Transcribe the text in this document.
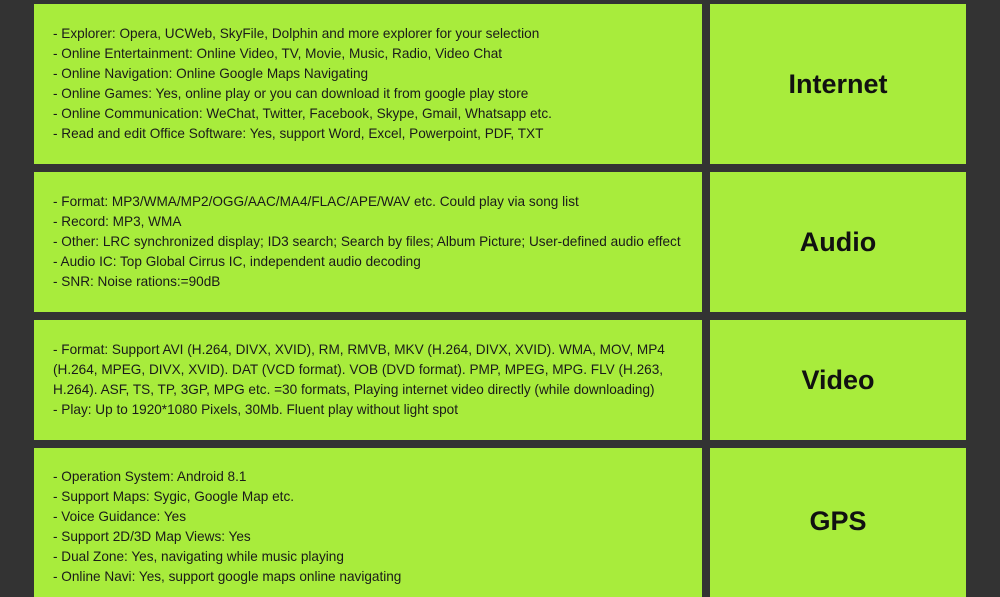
- Explorer: Opera, UCWeb, SkyFile, Dolphin and more explorer for your selection
- Online Entertainment: Online Video, TV, Movie, Music, Radio, Video Chat
- Online Navigation: Online Google Maps Navigating
- Online Games: Yes, online play or you can download it from google play store
- Online Communication: WeChat, Twitter, Facebook, Skype, Gmail, Whatsapp etc.
- Read and edit Office Software: Yes, support Word, Excel, Powerpoint, PDF, TXT
Internet
- Format: MP3/WMA/MP2/OGG/AAC/MA4/FLAC/APE/WAV etc. Could play via song list
- Record: MP3, WMA
- Other: LRC synchronized display; ID3 search; Search by files; Album Picture; User-defined audio effect
- Audio IC: Top Global Cirrus IC, independent audio decoding
- SNR: Noise rations:=90dB
Audio
- Format: Support AVI (H.264, DIVX, XVID), RM, RMVB, MKV (H.264, DIVX, XVID). WMA, MOV, MP4 (H.264, MPEG, DIVX, XVID). DAT (VCD format). VOB (DVD format). PMP, MPEG, MPG. FLV (H.263, H.264). ASF, TS, TP, 3GP, MPG etc. =30 formats, Playing internet video directly (while downloading)
- Play: Up to 1920*1080 Pixels, 30Mb. Fluent play without light spot
Video
- Operation System: Android 8.1
- Support Maps: Sygic, Google Map etc.
- Voice Guidance: Yes
- Support 2D/3D Map Views: Yes
- Dual Zone: Yes, navigating while music playing
- Online Navi: Yes, support google maps online navigating
GPS
